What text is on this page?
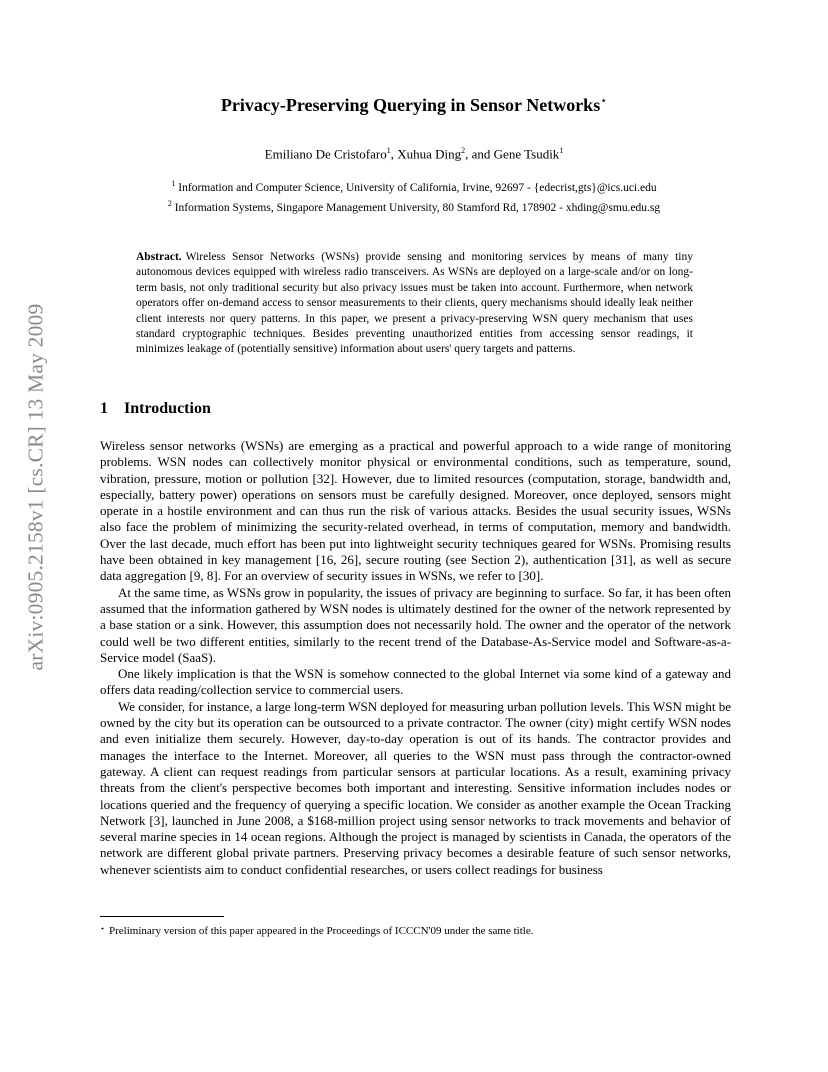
arXiv:0905.2158v1 [cs.CR] 13 May 2009
Privacy-Preserving Querying in Sensor Networks⋆
Emiliano De Cristofaro$^1$, Xuhua Ding$^2$, and Gene Tsudik$^1$
$^1$ Information and Computer Science, University of California, Irvine, 92697 - {edecrist,gts}@ics.uci.edu
$^2$ Information Systems, Singapore Management University, 80 Stamford Rd, 178902 - xhding@smu.edu.sg
Abstract. Wireless Sensor Networks (WSNs) provide sensing and monitoring services by means of many tiny autonomous devices equipped with wireless radio transceivers. As WSNs are deployed on a large-scale and/or on long-term basis, not only traditional security but also privacy issues must be taken into account. Furthermore, when network operators offer on-demand access to sensor measurements to their clients, query mechanisms should ideally leak neither client interests nor query patterns. In this paper, we present a privacy-preserving WSN query mechanism that uses standard cryptographic techniques. Besides preventing unauthorized entities from accessing sensor readings, it minimizes leakage of (potentially sensitive) information about users' query targets and patterns.
1 Introduction

Wireless sensor networks (WSNs) are emerging as a practical and powerful approach to a wide range of monitoring problems. WSN nodes can collectively monitor physical or environmental conditions, such as temperature, sound, vibration, pressure, motion or pollution [32]. However, due to limited resources (computation, storage, bandwidth and, especially, battery power) operations on sensors must be carefully designed. Moreover, once deployed, sensors might operate in a hostile environment and can thus run the risk of various attacks. Besides the usual security issues, WSNs also face the problem of minimizing the security-related overhead, in terms of computation, memory and bandwidth. Over the last decade, much effort has been put into lightweight security techniques geared for WSNs. Promising results have been obtained in key management [16, 26], secure routing (see Section 2), authentication [31], as well as secure data aggregation [9, 8]. For an overview of security issues in WSNs, we refer to [30].

At the same time, as WSNs grow in popularity, the issues of privacy are beginning to surface. So far, it has been often assumed that the information gathered by WSN nodes is ultimately destined for the owner of the network represented by a base station or a sink. However, this assumption does not necessarily hold. The owner and the operator of the network could well be two different entities, similarly to the recent trend of the Database-As-Service model and Software-as-a-Service model (SaaS).

One likely implication is that the WSN is somehow connected to the global Internet via some kind of a gateway and offers data reading/collection service to commercial users.

We consider, for instance, a large long-term WSN deployed for measuring urban pollution levels. This WSN might be owned by the city but its operation can be outsourced to a private contractor. The owner (city) might certify WSN nodes and even initialize them securely. However, day-to-day operation is out of its hands. The contractor provides and manages the interface to the Internet. Moreover, all queries to the WSN must pass through the contractor-owned gateway. A client can request readings from particular sensors at particular locations. As a result, examining privacy threats from the client's perspective becomes both important and interesting. Sensitive information includes nodes or locations queried and the frequency of querying a specific location. We consider as another example the Ocean Tracking Network [3], launched in June 2008, a $168-million project using sensor networks to track movements and behavior of several marine species in 14 ocean regions. Although the project is managed by scientists in Canada, the operators of the network are different global private partners. Preserving privacy becomes a desirable feature of such sensor networks, whenever scientists aim to conduct confidential researches, or users collect readings for business

⋆ Preliminary version of this paper appeared in the Proceedings of ICCCN'09 under the same title.
